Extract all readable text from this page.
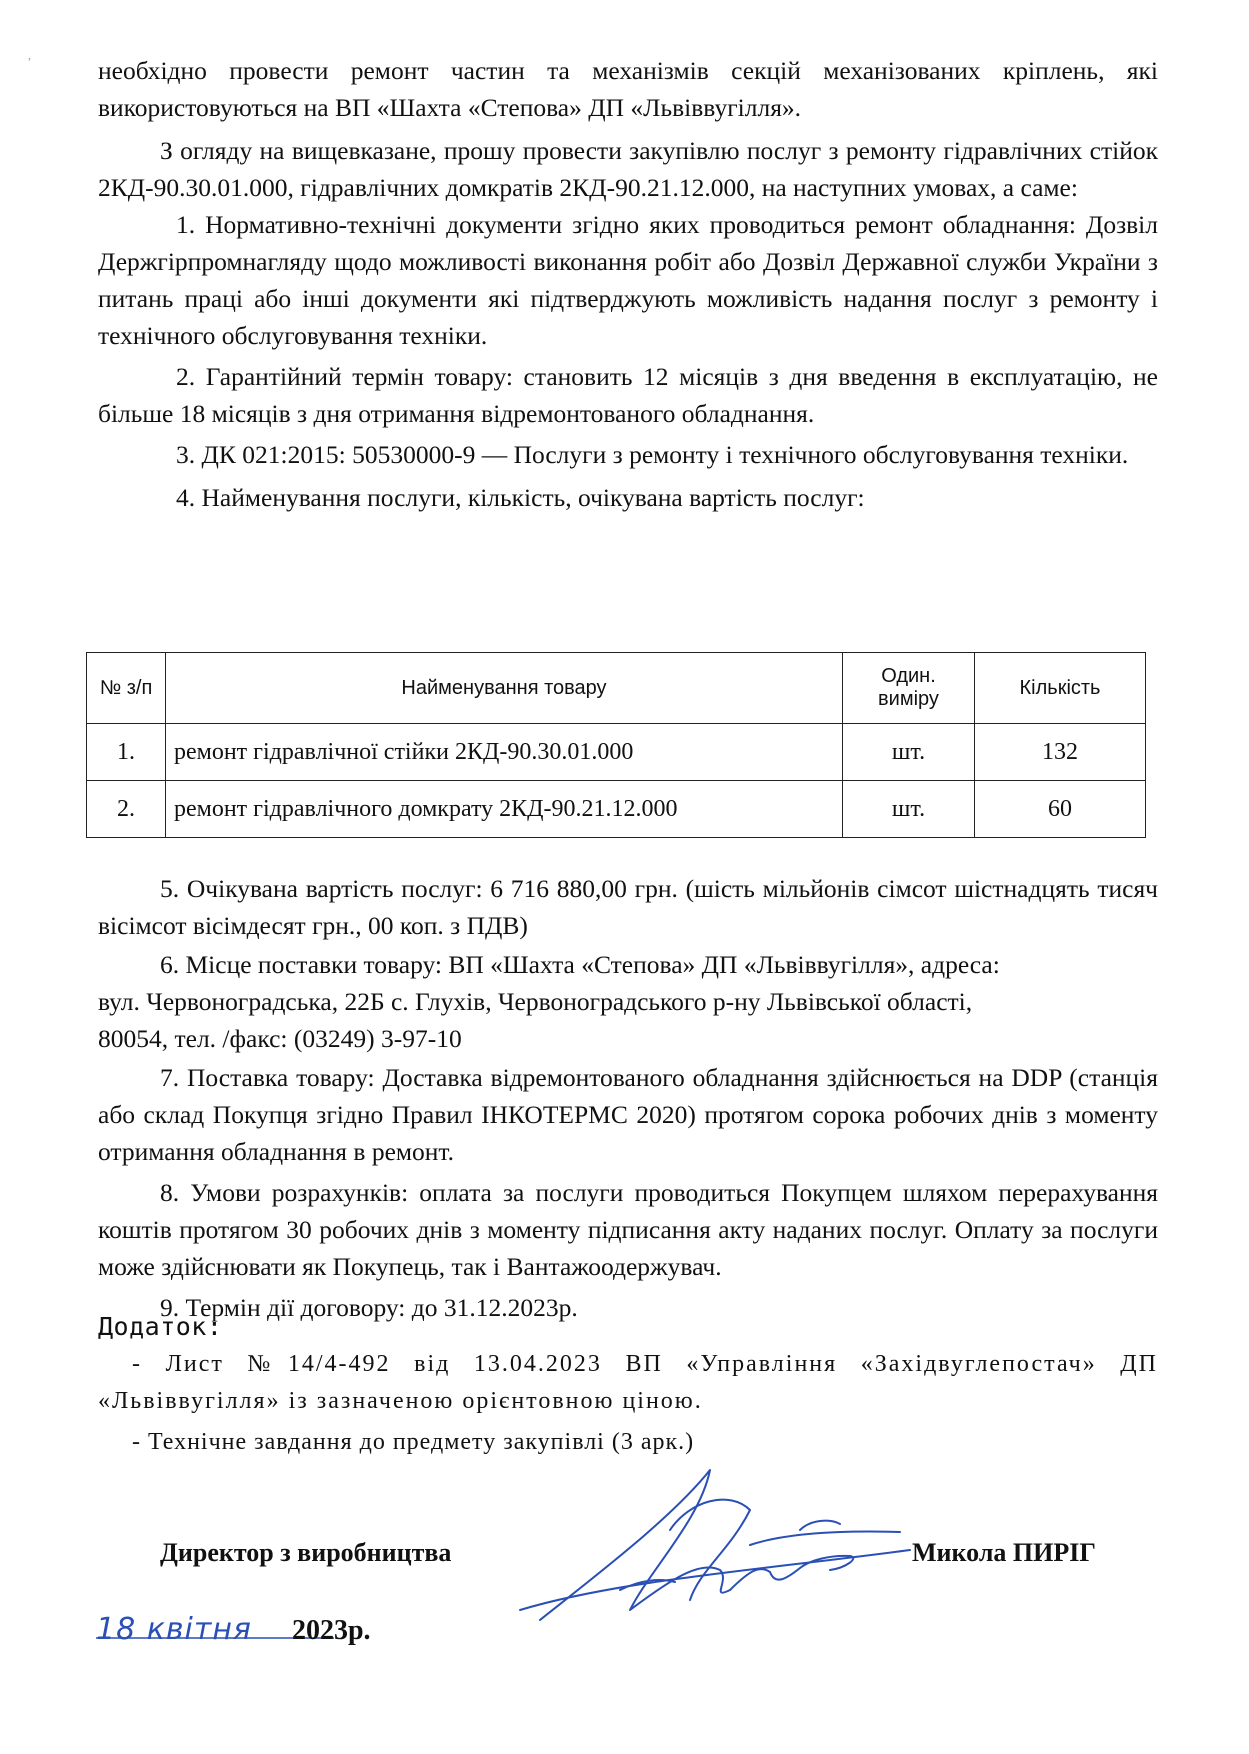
,

необхідно провести ремонт частин та механізмів секцій механізованих кріплень, які використовуються на ВП «Шахта «Степова» ДП «Львіввугілля».

З огляду на вищевказане, прошу провести закупівлю послуг з ремонту гідравлічних стійок 2КД-90.30.01.000, гідравлічних домкратів 2КД-90.21.12.000, на наступних умовах, а саме:

1. Нормативно-технічні документи згідно яких проводиться ремонт обладнання: Дозвіл Держгірпромнагляду щодо можливості виконання робіт або Дозвіл Державної служби України з питань праці або інші документи які підтверджують можливість надання послуг з ремонту і технічного обслуговування техніки.

2. Гарантійний термін товару: становить 12 місяців з дня введення в експлуатацію, не більше 18 місяців з дня отримання відремонтованого обладнання.

3. ДК 021:2015: 50530000-9 — Послуги з ремонту і технічного обслуговування техніки.

4. Найменування послуги, кількість, очікувана вартість послуг:

№ з/п	Найменування товару	Один. виміру	Кількість
1.	ремонт гідравлічної стійки 2КД-90.30.01.000	шт.	132
2.	ремонт гідравлічного домкрату 2КД-90.21.12.000	шт.	60

5. Очікувана вартість послуг: 6 716 880,00 грн. (шість мільйонів сімсот шістнадцять тисяч вісімсот вісімдесят грн., 00 коп. з ПДВ)

6. Місце поставки товару: ВП «Шахта «Степова» ДП «Львіввугілля», адреса:

вул. Червоноградська, 22Б с. Глухів, Червоноградського р-ну Львівської області,

80054, тел. /факс: (03249) 3-97-10

7. Поставка товару: Доставка відремонтованого обладнання здійснюється на DDP (станція або склад Покупця згідно Правил ІНКОТЕРМС 2020) протягом сорока робочих днів з моменту отримання обладнання в ремонт.

8. Умови розрахунків: оплата за послуги проводиться Покупцем шляхом перерахування коштів протягом 30 робочих днів з моменту підписання акту наданих послуг. Оплату за послуги може здійснювати як Покупець, так і Вантажоодержувач.

9. Термін дії договору: до 31.12.2023р.

Додаток:

- Лист №14/4-492 від 13.04.2023 ВП «Управління «Західвуглепостач» ДП «Львіввугілля» із зазначеною орієнтовною ціною.

- Технічне завдання до предмету закупівлі (3 арк.)

Директор з виробництва	Микола ПИРІГ
18 квітня 2023р.
